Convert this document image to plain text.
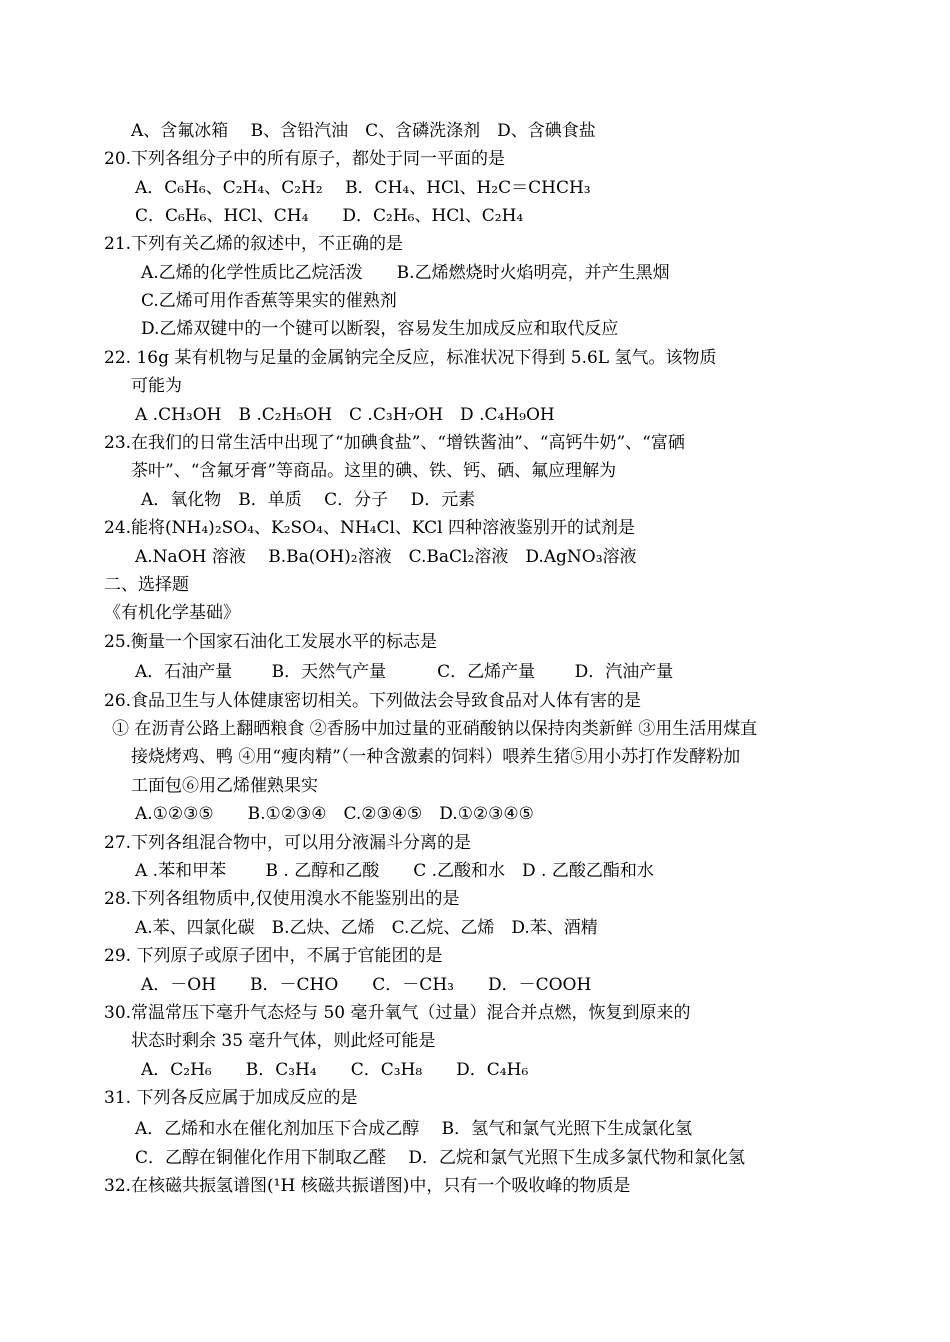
A、含氟冰箱　 B、含铅汽油　C、含磷洗涤剂　D、含碘食盐
20.下列各组分子中的所有原子，都处于同一平面的是
A．C₆H₆、C₂H₄、C₂H₂　 B．CH₄、HCl、H₂C＝CHCH₃
C．C₆H₆、HCl、CH₄　　D．C₂H₆、HCl、C₂H₄
21.下列有关乙烯的叙述中，不正确的是
A.乙烯的化学性质比乙烷活泼　　B.乙烯燃烧时火焰明亮，并产生黑烟
C.乙烯可用作香蕉等果实的催熟剂
D.乙烯双键中的一个键可以断裂，容易发生加成反应和取代反应
22. 16g 某有机物与足量的金属钠完全反应，标准状况下得到 5.6L 氢气。该物质
可能为
A .CH₃OH　B .C₂H₅OH　C .C₃H₇OH　D .C₄H₉OH
23.在我们的日常生活中出现了“加碘食盐”、“增铁酱油”、“高钙牛奶”、“富硒
茶叶”、“含氟牙膏”等商品。这里的碘、铁、钙、硒、氟应理解为
A．氧化物　B．单质　 C．分子　 D．元素
24.能将(NH₄)₂SO₄、K₂SO₄、NH₄Cl、KCl 四种溶液鉴别开的试剂是
A.NaOH 溶液　 B.Ba(OH)₂溶液　C.BaCl₂溶液　D.AgNO₃溶液
二、选择题
《有机化学基础》
25.衡量一个国家石油化工发展水平的标志是
A．石油产量　　 B．天然气产量　　　C．乙烯产量　　 D．汽油产量
26.食品卫生与人体健康密切相关。下列做法会导致食品对人体有害的是
① 在沥青公路上翻晒粮食 ②香肠中加过量的亚硝酸钠以保持肉类新鲜 ③用生活用煤直
接烧烤鸡、鸭 ④用“瘦肉精”（一种含激素的饲料）喂养生猪⑤用小苏打作发酵粉加
工面包⑥用乙烯催熟果实
A.①②③⑤　　B.①②③④　C.②③④⑤　D.①②③④⑤
27.下列各组混合物中，可以用分液漏斗分离的是
A .苯和甲苯　　 B . 乙醇和乙酸　　C .乙酸和水　D . 乙酸乙酯和水
28.下列各组物质中,仅使用溴水不能鉴别出的是
A.苯、四氯化碳　B.乙炔、乙烯　C.乙烷、乙烯　D.苯、酒精
29. 下列原子或原子团中，不属于官能团的是
A．－OH　　B．－CHO　　C．－CH₃　　D．－COOH
30.常温常压下毫升气态烃与 50 毫升氧气（过量）混合并点燃，恢复到原来的
状态时剩余 35 毫升气体，则此烃可能是
A．C₂H₆　　B．C₃H₄　　C．C₃H₈　　D．C₄H₆
31. 下列各反应属于加成反应的是
A．乙烯和水在催化剂加压下合成乙醇　 B．氢气和氯气光照下生成氯化氢
C．乙醇在铜催化作用下制取乙醛　 D．乙烷和氯气光照下生成多氯代物和氯化氢
32.在核磁共振氢谱图(¹H 核磁共振谱图)中，只有一个吸收峰的物质是
